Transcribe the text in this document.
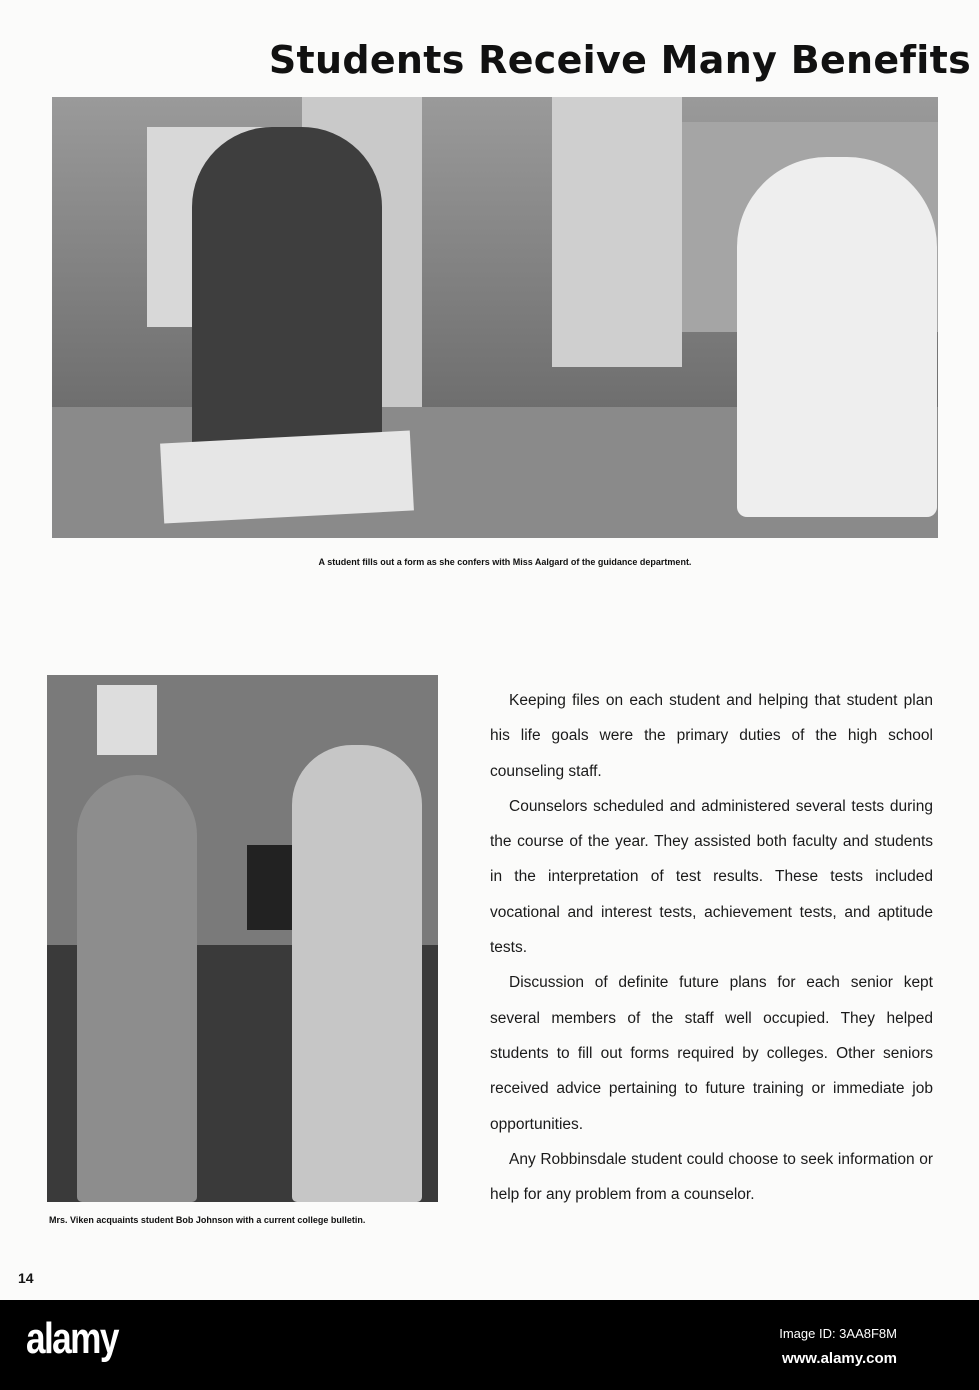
Students Receive Many Benefits
A student fills out a form as she confers with Miss Aalgard of the guidance department.
Mrs. Viken acquaints student Bob Johnson with a current college bulletin.

Keeping files on each student and helping that student plan his life goals were the primary duties of the high school counseling staff.

Counselors scheduled and administered several tests during the course of the year. They assisted both faculty and students in the interpretation of test results. These tests included vocational and interest tests, achievement tests, and aptitude tests.

Discussion of definite future plans for each senior kept several members of the staff well occupied. They helped students to fill out forms required by colleges. Other seniors received advice pertaining to future training or immediate job opportunities.

Any Robbinsdale student could choose to seek information or help for any problem from a counselor.

14
alamy	Image ID: 3AA8F8M
www.alamy.com
